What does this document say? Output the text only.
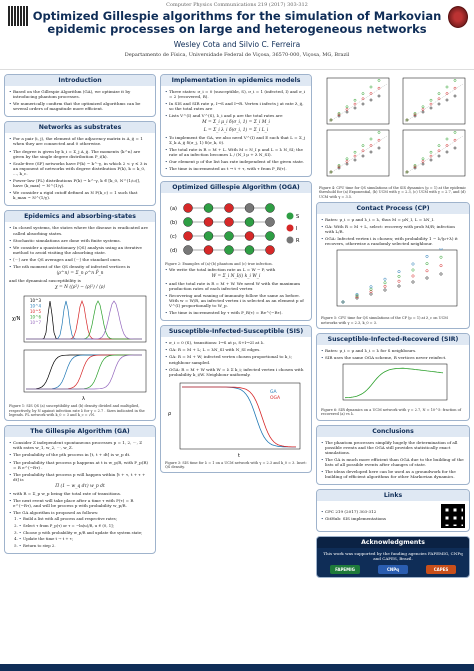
Computer Physics Communications 219 (2017) 303-312
Optimized Gillespie algorithms for the simulation of Markovian epidemic processes on large and heterogeneous networks
Wesley Cota and Silvio C. Ferreira
Departamento de Física, Universidade Federal de Viçosa, 36570-000, Viçosa, MG, Brazil
Introduction
• Based on the Gillespie Algorithm (GA), we optimize it by introducing phantom processes.
• We numerically confirm that the optimized algorithms can be several orders of magnitude more efficient.
Networks as substrates
• For a pair (i, j), the element of the adjacency matrix is A_ij = 1 when they are connected and 0 otherwise.
• The degree is given by k_i = Σ_j A_ij. The moments ⟨k^n⟩ are given by the single degree distribution P_i(k).
• Scale-free (SF) networks have P(k) ~ k^-γ, in which 2 < γ ≤ 3 is an exponent of networks with degree distribution P(k), k = k_0, ..., k_c.
• Power-law (PL) distributions P(k) ~ k^-γ, k ∈ [k_0, N^(1/ω)], have ⟨k_max⟩ ~ N^(1/γ).
• We consider a rigid cutoff defined as N P(k_c) = 1 such that k_max ~ N^(1/γ).
Epidemics and absorbing-states
• In closed systems, the states where the disease is eradicated are called absorbing states.
• Stochastic simulations are done with finite systems.
• We consider a quasistationary (QS) analysis using an iterative method to avoid visiting the absorbing state.
• ⟨···⟩ are the QS averages and ⟨···⟩ the standard ones.
• The nth moment of the QS density of infected vertices is
⟨ρ^n⟩ = Σ_n ρ^n P̄_n
and the dynamical susceptibility is
χ = N (⟨ρ²⟩ − ⟨ρ⟩²) / ⟨ρ⟩
χ/N
λ
10^3
10^4
10^5
10^6
10^7
Figure 1: SIS QS (a) susceptibility and (b) density divided and multiplied, respectively, by N against infection rate λ for γ = 2.7 . Sizes indicated in the legends. PL network with k_0 = 3 and k_c = √N.
The Gillespie Algorithm (GA)
• Consider Z independent spontaneous processes p = 1, 2, ···, Z with rates w_1, w_2, ···, w_Z.
• The probability of the pth process in [t, t + dt] is w_p dt.
• The probability that process p happens at t is w_p/R, with P_p(R) = R e^(−Rτ) .
• The probability that process p will happen within [t + τ, t + τ + dt] is
Π (1 − w_q dτ) w_p dt
• with R = Σ_p w_p being the total rate of transitions.
• The next event will take place after a time τ with P(τ) = R e^(−Rτ), and will be process p with probability w_p/R.
• The GA algorithm is proposed as follows:
• 1. Build a list with all process and respective rates;
• 2. Select τ from P_p(τ) or τ = −ln(u)/R, u ∈ (0, 1];
• 3. Choose p with probability w_p/R and update the system state;
• 4. Update the time t → t + τ;
• 5. Return to step 2.
Implementation in epidemics models
• Three states: σ_i = 0 (susceptible, S), σ_i = 1 (infected, I) and σ_i = 2 (recovered, R).
• In SIS and SIR rate μ, I→S and I→R. Vertex i infects j at rate λ_ij, so the total rates are
• Lists V^(I) and V^(S), λ_i and μ are the total rates are
M = Σ_i μ_i δ(σ_i, 1) = Σ_i M_i
L = Σ_i λ_i δ(σ_i, 1) = Σ_i L_i
• To implement the GA, we also need V^(I) and E such that L = Σ_j Σ_k A_ij δ(σ_j, 1) δ(σ_k, 0).
• The total rate is R = M + L. With M = N_I μ and L = λ N_SI; the rate of an infection becomes L / (N_I μ + λ N_SI).
• Our element p of the list has rate independent of the given state.
• The time is incremented as t → t + τ, with τ from P_R(τ).
Optimized Gillespie Algorithm (OGA)
(a)
(b)
(c)
(d)
S
I
R
Figure 2: Examples of (a)-(b) phantom and (c) true infection.
• We write the total infection rate as L = W − P, with
W = Σ_i N_I(i) k_i W_i
• and the total rate is R = M + W. We need W with the maximum production rates of each infected vertex
• Recovering and waning of immunity follow the same as before. With w = W/R, an infected vertex i is selected as an element p of V^(I) proportionally to W_p.
• The time is incremented by τ with P_R(τ) = Re^(−Rτ).
Susceptible-Infected-Susceptible (SIS)
• σ_i = 0 (S), transitions: I→S at μ, S+I→2I at λ.
• GA: R = M + L; L = λN_SI with N_SI edges.
• GA: R = M + W; infected vertex chosen proportional to k_i; neighbour sampled.
• OGA: R = M + W with W = λ Σ k_i; infected vertex i chosen with probability k_i/W. Neighbour uniformly.
GA
OGA
ρ
t
Figure 3: SIS time for λ = 1 on a UCM network with γ = 2.3 and k_0 = 3. Inset: QS density.
Figure 4: CPU time for QS simulations of the SIS dynamics (μ = 1) at the epidemic threshold for (a) Exponential, (b) UCM with γ = 2.3, (c) UCM with γ = 2.7, and (d) UCM with γ = 3.5.
Contact Process (CP)
• Rates: μ_i = μ and λ_i = λ, thus M = μN_I, L = λN_I.
• GA: With R = M + L, select: recovery with prob M/R; infection with L/R.
• OGA: Infected vertex i is chosen; with probability 1 − λ/(μ+λ) it recovers, otherwise a randomly selected neighbour.
Figure 5: CPU time for QS simulations of the CP (μ = 1) at λ_c on UCM networks with γ = 2.3, k_0 = 3.
Susceptible-Infected-Recovered (SIR)
• Rates: μ_i = μ and λ_i = λ for S neighbours.
• SIR uses the same OGA scheme, R vertices never reinfect.
Figure 6: SIR dynamics on a UCM network with γ = 2.7, N = 10^5: fraction of recovered (a) vs λ.
Conclusions
• The phantom processes simplify hugely the determination of all possible events and the OGA still provides statistically exact simulations.
• The GA is much more efficient than OGA due to the building of the lists of all possible events after changes of state.
• The ideas developed here can be used as a groundwork for the building of efficient algorithms for other Markovian dynamics.
Links
• CPC 219 (2017) 303-312
• GitHub: SIS implementations
Acknowledgments
This work was supported by the funding agencies FAPEMIG, CNPq and CAPES, Brazil.
FAPEMIG	CNPq	CAPES
